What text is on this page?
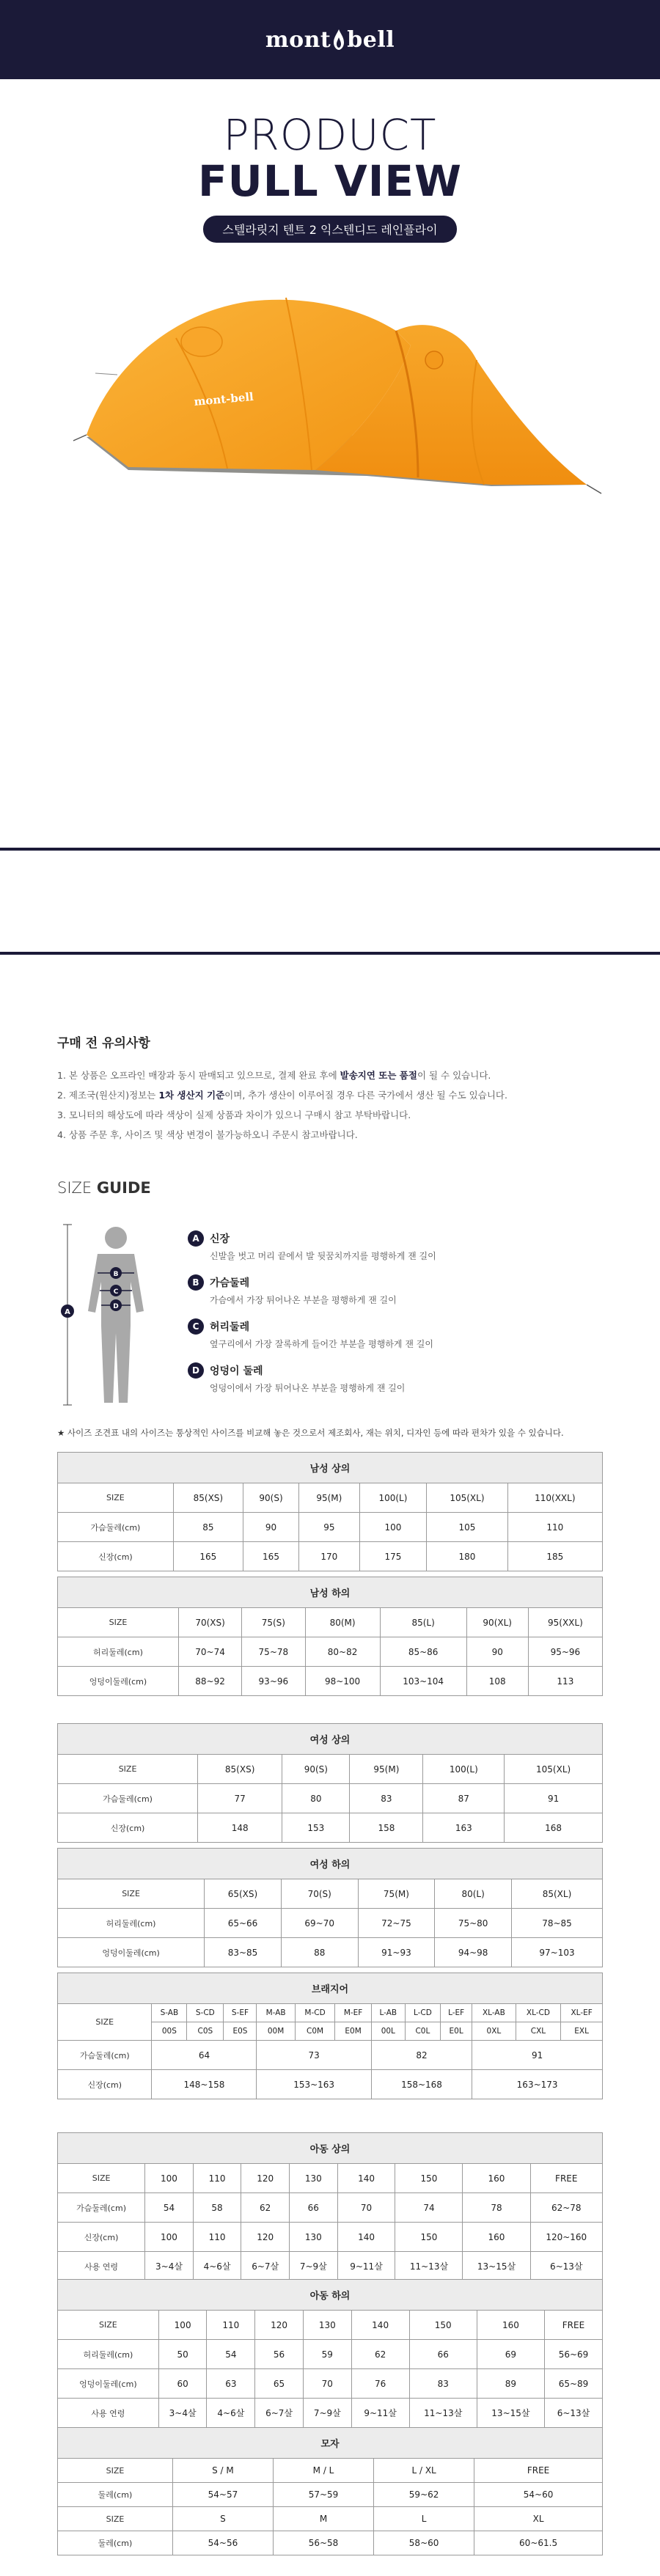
mont bell
PRODUCT
FULL VIEW
스텔라릿지 텐트 2 익스텐디드 레인플라이
mont-bell
구매 전 유의사항
1. 본 상품은 오프라인 매장과 동시 판매되고 있으므로, 결제 완료 후에 발송지연 또는 품절이 될 수 있습니다.
2. 제조국(원산지)정보는 1차 생산지 기준이며, 추가 생산이 이루어질 경우 다른 국가에서 생산 될 수도 있습니다.
3. 모니터의 해상도에 따라 색상이 실제 상품과 차이가 있으니 구매시 참고 부탁바랍니다.
4. 상품 주문 후, 사이즈 및 색상 변경이 불가능하오니 주문시 참고바랍니다.
SIZE GUIDE
A
B
C
D
A	신장
신발을 벗고 머리 끝에서 발 뒷꿈치까지를 평행하게 잰 길이
B	가슴둘레
가슴에서 가장 튀어나온 부분을 평행하게 잰 길이
C	허리둘레
옆구리에서 가장 잘록하게 들어간 부분을 평행하게 잰 길이
D	엉덩이 둘레
엉덩이에서 가장 튀어나온 부분을 평행하게 잰 길이
★ 사이즈 조견표 내의 사이즈는 통상적인 사이즈를 비교해 놓은 것으로서 제조회사, 재는 위치, 디자인 등에 따라 편차가 있을 수 있습니다.
남성 상의						
SIZE	85(XS)	90(S)	95(M)	100(L)	105(XL)	110(XXL)
가슴둘레(cm)	85	90	95	100	105	110
신장(cm)	165	165	170	175	180	185
남성 하의						
SIZE	70(XS)	75(S)	80(M)	85(L)	90(XL)	95(XXL)
허리둘레(cm)	70~74	75~78	80~82	85~86	90	95~96
엉덩이둘레(cm)	88~92	93~96	98~100	103~104	108	113
여성 상의					
SIZE	85(XS)	90(S)	95(M)	100(L)	105(XL)
가슴둘레(cm)	77	80	83	87	91
신장(cm)	148	153	158	163	168
여성 하의					
SIZE	65(XS)	70(S)	75(M)	80(L)	85(XL)
허리둘레(cm)	65~66	69~70	72~75	75~80	78~85
엉덩이둘레(cm)	83~85	88	91~93	94~98	97~103
브래지어												
SIZE	S-AB	S-CD	S-EF	M-AB	M-CD	M-EF	L-AB	L-CD	L-EF	XL-AB	XL-CD	XL-EF
	00S	C0S	E0S	00M	C0M	E0M	00L	C0L	E0L	0XL	CXL	EXL
가슴둘레(cm)	64			73			82			91		
신장(cm)	148~158			153~163			158~168			163~173		
아동 상의								
SIZE	100	110	120	130	140	150	160	FREE
가슴둘레(cm)	54	58	62	66	70	74	78	62~78
신장(cm)	100	110	120	130	140	150	160	120~160
사용 연령	3~4살	4~6살	6~7살	7~9살	9~11살	11~13살	13~15살	6~13살
아동 하의								
SIZE	100	110	120	130	140	150	160	FREE
허리둘레(cm)	50	54	56	59	62	66	69	56~69
엉덩이둘레(cm)	60	63	65	70	76	83	89	65~89
사용 연령	3~4살	4~6살	6~7살	7~9살	9~11살	11~13살	13~15살	6~13살
모자				
SIZE	S / M	M / L	L / XL	FREE
둘레(cm)	54~57	57~59	59~62	54~60
SIZE	S	M	L	XL
둘레(cm)	54~56	56~58	58~60	60~61.5
